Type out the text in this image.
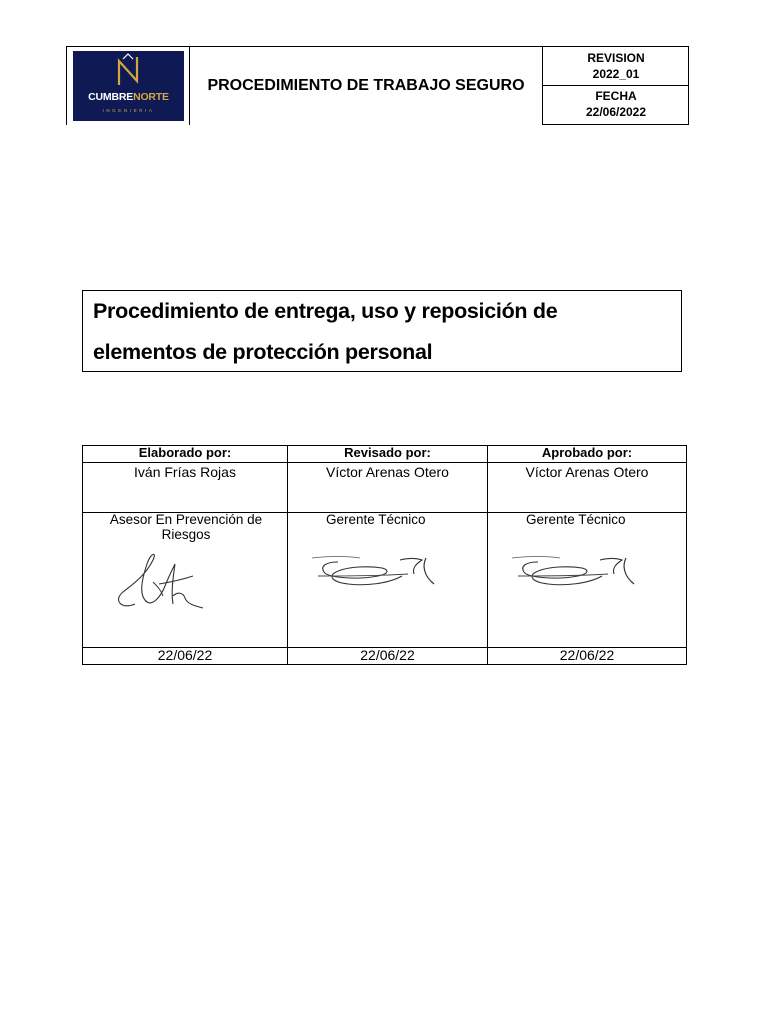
CUMBRENORTE
INGENIERIA
PROCEDIMIENTO DE TRABAJO SEGURO
REVISION
2022_01
FECHA
22/06/2022
Procedimiento de entrega, uso y reposición de
elementos de protección personal
Elaborado por:
Iván Frías Rojas
Asesor En Prevención de
Riesgos
22/06/22
Revisado por:
Víctor Arenas Otero
Gerente Técnico
22/06/22
Aprobado por:
Víctor Arenas Otero
Gerente Técnico
22/06/22
